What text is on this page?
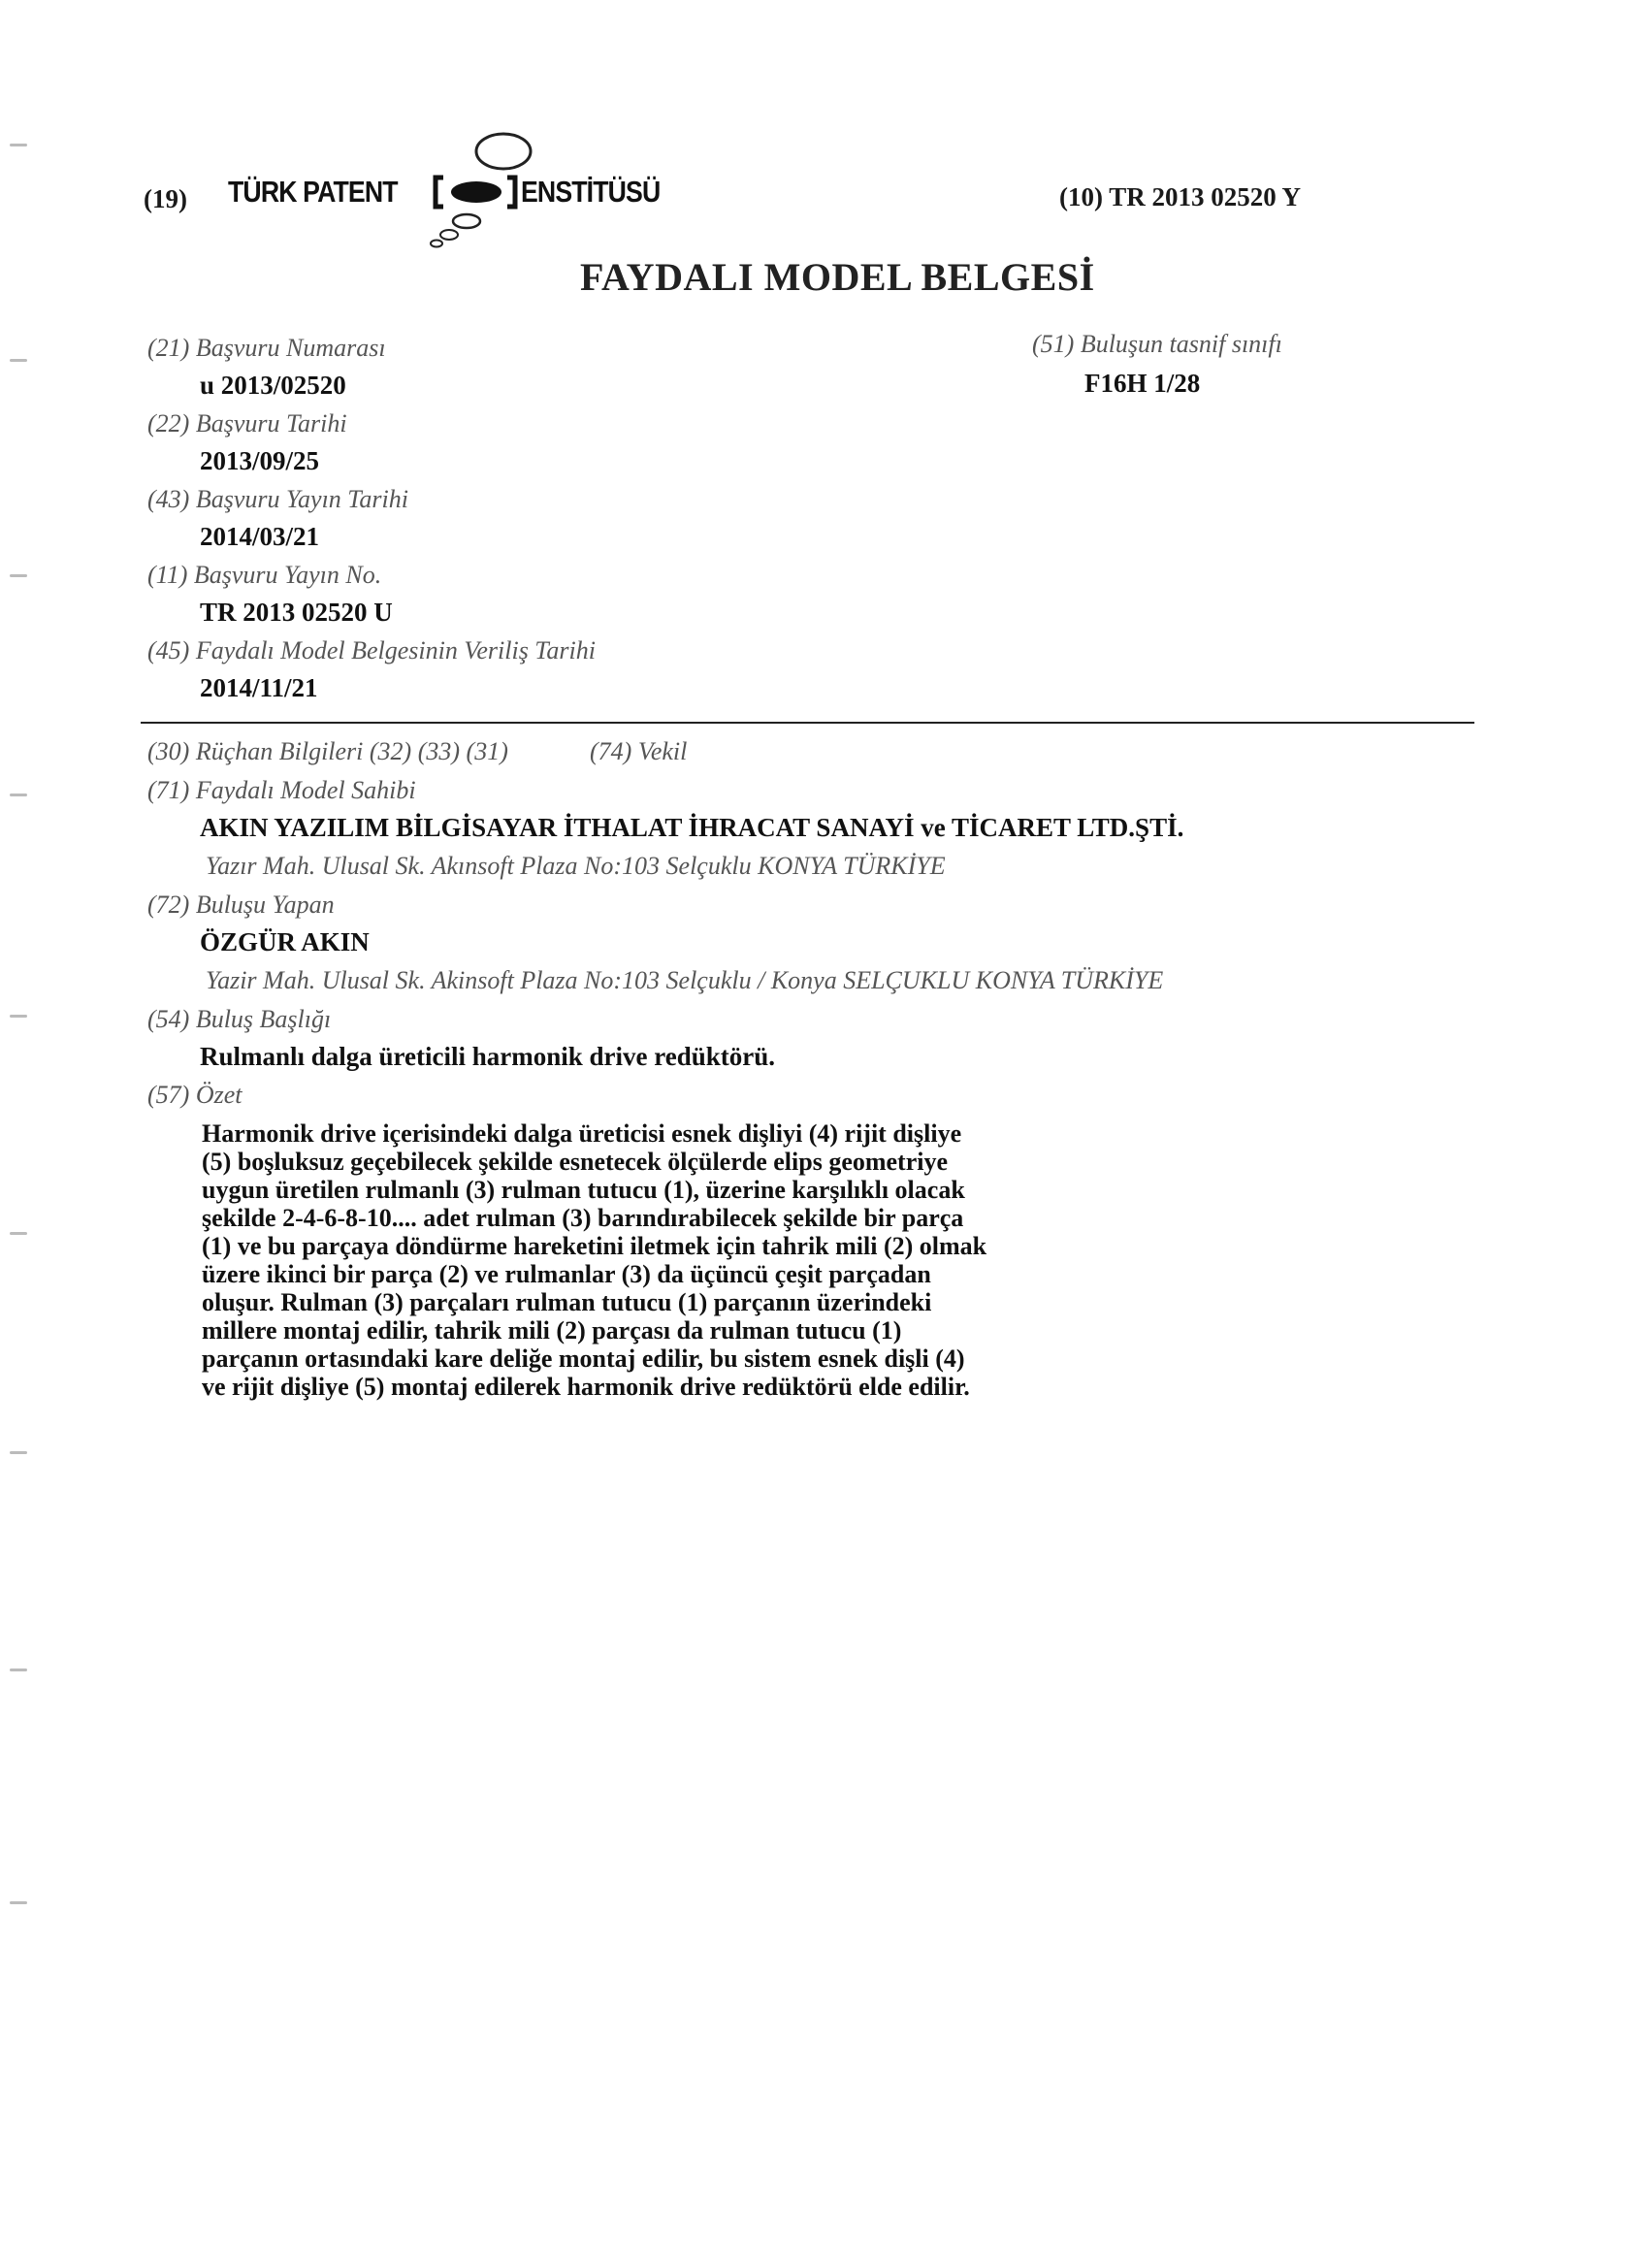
(19) TÜRK PATENT	ENSTİTÜSÜ	(10) TR 2013 02520 Y
FAYDALI MODEL BELGESİ
(21) Başvuru Numarası
u 2013/02520
(22) Başvuru Tarihi
2013/09/25
(43) Başvuru Yayın Tarihi
2014/03/21
(11) Başvuru Yayın No.
TR 2013 02520 U
(45) Faydalı Model Belgesinin Veriliş Tarihi
2014/11/21
(51) Buluşun tasnif sınıfı
F16H 1/28
(30) Rüçhan Bilgileri (32) (33) (31)	(74) Vekil
(71) Faydalı Model Sahibi
AKIN YAZILIM BİLGİSAYAR İTHALAT İHRACAT SANAYİ ve TİCARET LTD.ŞTİ.
Yazır Mah. Ulusal Sk. Akınsoft Plaza No:103 Selçuklu KONYA TÜRKİYE
(72) Buluşu Yapan
ÖZGÜR AKIN
Yazir Mah. Ulusal Sk. Akinsoft Plaza No:103 Selçuklu / Konya SELÇUKLU KONYA TÜRKİYE
(54) Buluş Başlığı
Rulmanlı dalga üreticili harmonik drive redüktörü.
(57) Özet
Harmonik drive içerisindeki dalga üreticisi esnek dişliyi (4) rijit dişliye
(5) boşluksuz geçebilecek şekilde esnetecek ölçülerde elips geometriye
uygun üretilen rulmanlı (3) rulman tutucu (1), üzerine karşılıklı olacak
şekilde 2-4-6-8-10.... adet rulman (3) barındırabilecek şekilde bir parça
(1) ve bu parçaya döndürme hareketini iletmek için tahrik mili (2) olmak
üzere ikinci bir parça (2) ve rulmanlar (3) da üçüncü çeşit parçadan
oluşur. Rulman (3) parçaları rulman tutucu (1) parçanın üzerindeki
millere montaj edilir, tahrik mili (2) parçası da rulman tutucu (1)
parçanın ortasındaki kare deliğe montaj edilir, bu sistem esnek dişli (4)
ve rijit dişliye (5) montaj edilerek harmonik drive redüktörü elde edilir.
